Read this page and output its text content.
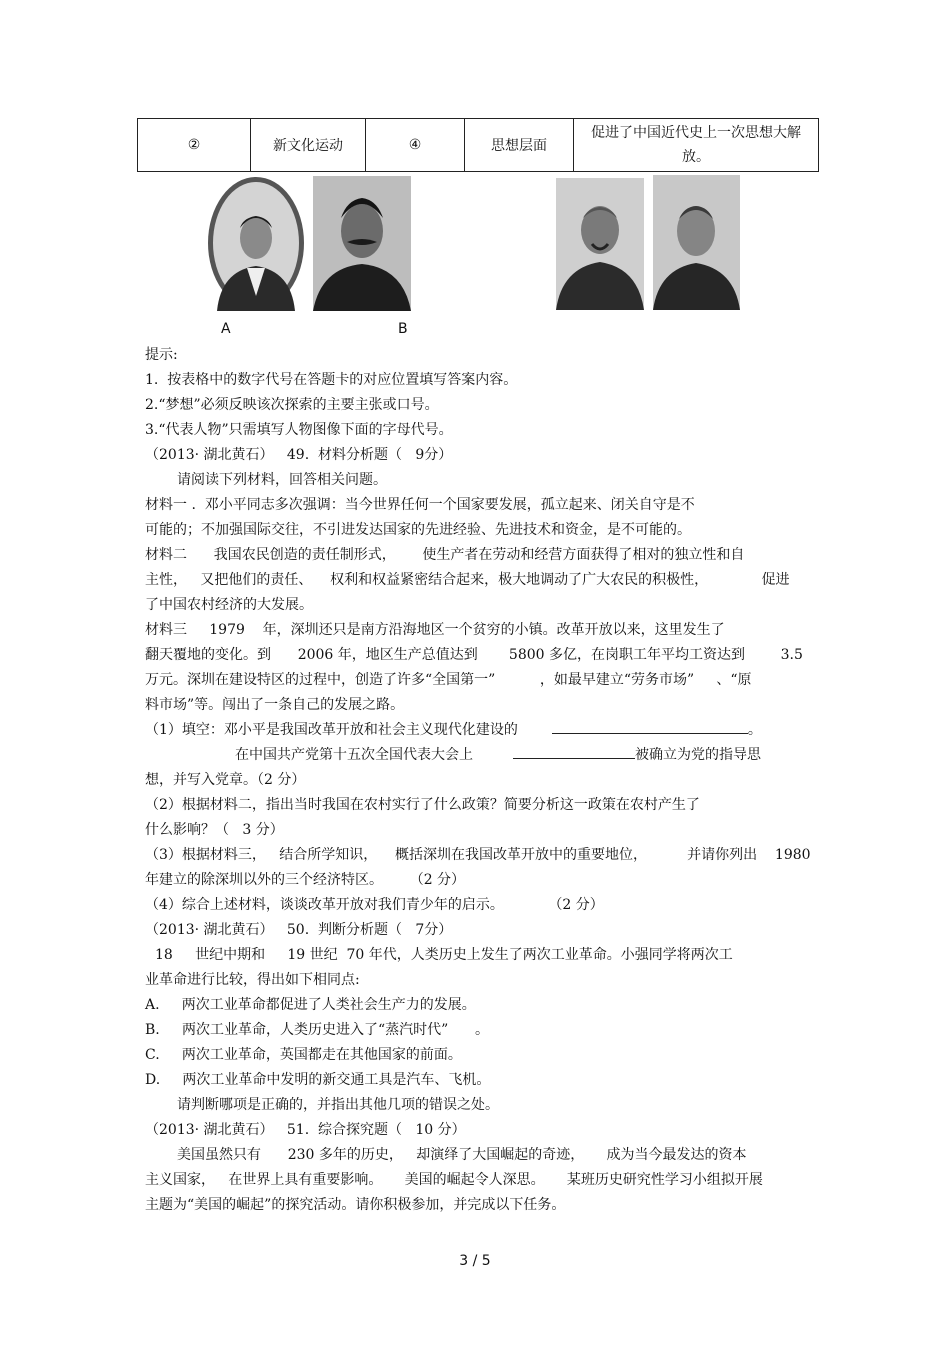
②	新文化运动	④	思想层面	促进了中国近代史上一次思想大解放。
A	B

提示:

1.  按表格中的数字代号在答题卡的对应位置填写答案内容。

2.“梦想”必须反映该次探索的主要主张或口号。

3.“代表人物”只需填写人物图像下面的字母代号。

（2013· 湖北黄石）   49.  材料分析题（   9分）

请阅读下列材料，回答相关问题。

材料一 .  邓小平同志多次强调：当今世界任何一个国家要发展，孤立起来、闭关自守是不

可能的；不加强国际交往，不引进发达国家的先进经验、先进技术和资金，是不可能的。

材料二      我国农民创造的责任制形式，      使生产者在劳动和经营方面获得了相对的独立性和自

主性，   又把他们的责任、    权利和权益紧密结合起来，极大地调动了广大农民的积极性，            促进

了中国农村经济的大发展。

材料三     1979    年，深圳还只是南方沿海地区一个贫穷的小镇。改革开放以来，这里发生了

翻天覆地的变化。到      2006 年，地区生产总值达到       5800 多亿，在岗职工年平均工资达到        3.5

万元。深圳在建设特区的过程中，创造了许多“全国第一”          ，如最早建立“劳务市场”     、“原

料市场”等。闯出了一条自己的发展之路。

（1）填空：邓小平是我国改革开放和社会主义现代化建设的	。

在中国共产党第十五次全国代表大会上	被确立为党的指导思

想，并写入党章。（2 分）

（2）根据材料二，指出当时我国在农村实行了什么政策？简要分析这一政策在农村产生了

什么影响？（   3 分）

（3）根据材料三，   结合所学知识，    概括深圳在我国改革开放中的重要地位，         并请你列出    1980

年建立的除深圳以外的三个经济特区。      （2 分）

（4）综合上述材料，谈谈改革开放对我们青少年的启示。          （2 分）

（2013· 湖北黄石）   50.  判断分析题（   7分）

18     世纪中期和     19 世纪  70 年代，人类历史上发生了两次工业革命。小强同学将两次工

业革命进行比较，得出如下相同点:

A.     两次工业革命都促进了人类社会生产力的发展。

B.     两次工业革命，人类历史进入了“蒸汽时代”      。

C.     两次工业革命，英国都走在其他国家的前面。

D.     两次工业革命中发明的新交通工具是汽车、飞机。

请判断哪项是正确的，并指出其他几项的错误之处。

（2013· 湖北黄石）   51.  综合探究题（   10 分）

美国虽然只有      230 多年的历史，   却演绎了大国崛起的奇迹，     成为当今最发达的资本

主义国家，   在世界上具有重要影响。     美国的崛起令人深思。     某班历史研究性学习小组拟开展

主题为“美国的崛起”的探究活动。请你积极参加，并完成以下任务。

3 / 5
